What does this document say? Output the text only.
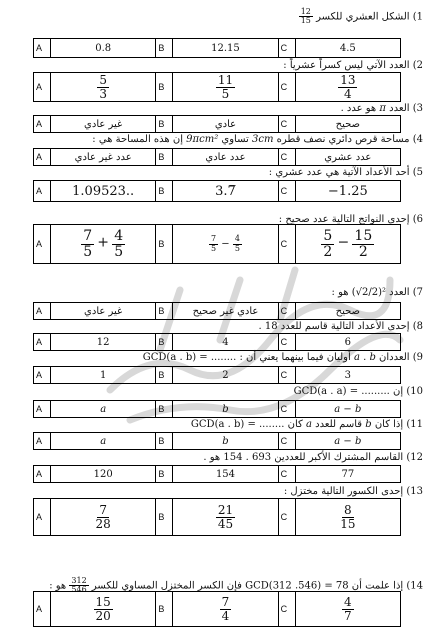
1) الشكل العشري للكسر
$\frac{12}{15}$
A	0.8	B	12.15	C	4.5
2) العدد الآتي ليس كسراً عشرياً :
A	$\frac{5}{3}$	B	$\frac{11}{5}$	C	$\frac{13}{4}$
3) العدد π هو عدد .
A	غير عادي	B	عادي	C	صحيح
4) مساحة قرص دائري نصف قطره 3cm تساوي 9πcm² إن هذه المساحة هي :
A	عدد غير عادي	B	عدد عادي	C	عدد عشري
5) أحد الأعداد الآتية هي عدد عشري :
A	1.09523..	B	3.7̅	C	−1.25
6) إحدى النواتج التالية عدد صحيح :
A	$\frac{7}{5} + \frac{4}{5}$	B	$\frac{7}{5} - \frac{4}{5}$	C	$\frac{5}{2} - \frac{15}{2}$
7) العدد (√2/2)² هو :
A	غير عادي	B	عادي غير صحيح	C	صحيح
8) إحدى الأعداد التالية قاسم للعدد 18 .
A	12	B	4	C	6
9) العددان a . b أوليان فيما بينهما يعني أن : ........ = GCD(a . b)
A	1	B	2	C	3
10) إن ......... = GCD(a . a)
A	a	B	b	C	a − b
11) إذا كان b قاسم للعدد a كان ........ = GCD(a . b)
A	a	B	b	C	a − b
12) القاسم المشترك الأكبر للعددين 693 . 154 هو .
A	120	B	154	C	77
13) إحدى الكسور التالية مختزل :
A	$\frac{7}{28}$	B	$\frac{21}{45}$	C	$\frac{8}{15}$
14) إذا علمت أن 78 = GCD(312 .546) فإن الكسر المختزل المساوي للكسر
$\frac{312}{546}$
هو :
A	$\frac{15}{20}$	B	$\frac{7}{4}$	C	$\frac{4}{7}$
